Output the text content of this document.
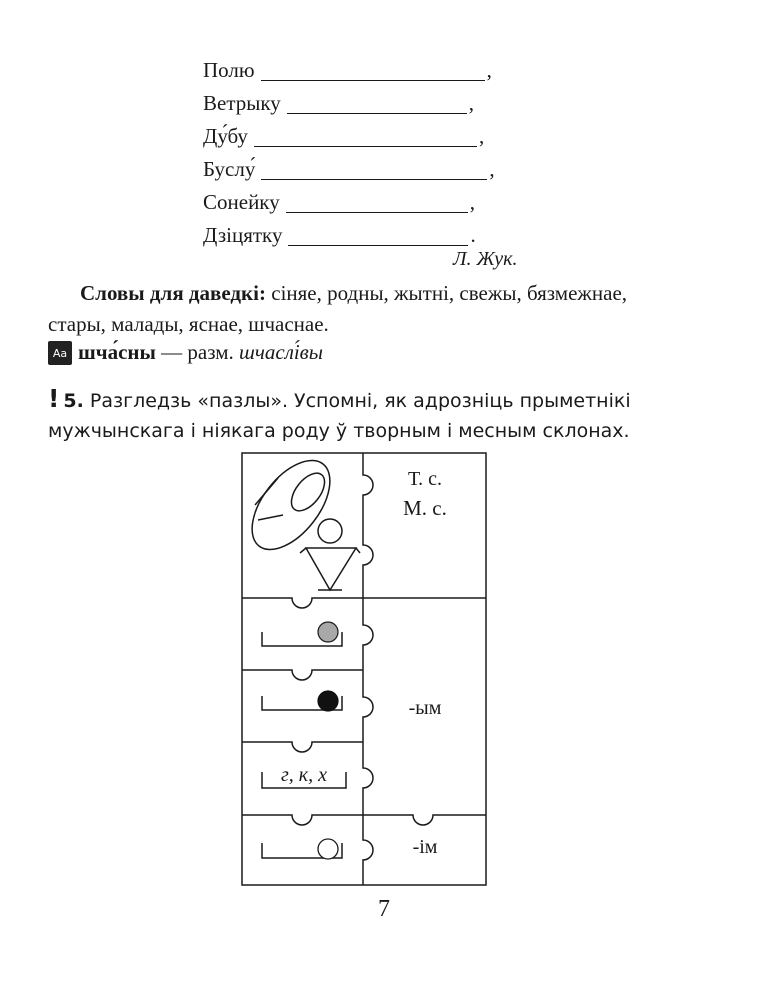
Полю	,
Ветрыку	,
Ду́бу	,
Буслу́	,
Сонейку	,
Дзіцятку	.
Л. Жук.
Словы для даведкі: сіняе, родны, жытні, свежы, бязмежнае,
стары, малады, яснае, шчаснае.
Aa шча́сны — разм. шчаслі́вы
! 5. Разгледзь «пазлы». Успомні, як адрознiць прыметнікі мужчынскага і ніякага роду ў творным і месным склонах.
Т. с.
М. с.
г, к, х
-ым
-ім
7
